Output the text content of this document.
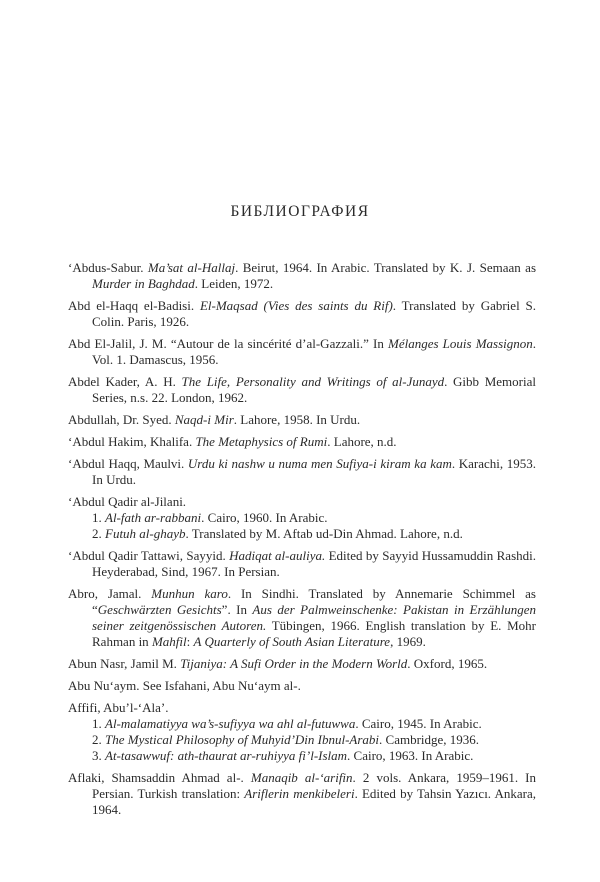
БИБЛИОГРАФИЯ
‘Abdus-Sabur. Ma’sat al-Hallaj. Beirut, 1964. In Arabic. Translated by K. J. Semaan as Murder in Baghdad. Leiden, 1972.
Abd el-Haqq el-Badisi. El-Maqsad (Vies des saints du Rif). Translated by Gabriel S. Colin. Paris, 1926.
Abd El-Jalil, J. M. “Autour de la sincérité d’al-Gazzali.” In Mélanges Louis Massignon. Vol. 1. Damascus, 1956.
Abdel Kader, A. H. The Life, Personality and Writings of al-Junayd. Gibb Memorial Series, n.s. 22. London, 1962.
Abdullah, Dr. Syed. Naqd-i Mir. Lahore, 1958. In Urdu.
‘Abdul Hakim, Khalifa. The Metaphysics of Rumi. Lahore, n.d.
‘Abdul Haqq, Maulvi. Urdu ki nashw u numa men Sufiya-i kiram ka kam. Karachi, 1953. In Urdu.
‘Abdul Qadir al-Jilani.
1. Al-fath ar-rabbani. Cairo, 1960. In Arabic.
2. Futuh al-ghayb. Translated by M. Aftab ud-Din Ahmad. Lahore, n.d.
‘Abdul Qadir Tattawi, Sayyid. Hadiqat al-auliya. Edited by Sayyid Hussamuddin Rashdi. Heyderabad, Sind, 1967. In Persian.
Abro, Jamal. Munhun karo. In Sindhi. Translated by Annemarie Schimmel as “Geschwärzten Gesichts”. In Aus der Palmweinschenke: Pakistan in Erzählungen seiner zeitgenössischen Autoren. Tübingen, 1966. English translation by E. Mohr Rahman in Mahfil: A Quarterly of South Asian Literature, 1969.
Abun Nasr, Jamil M. Tijaniya: A Sufi Order in the Modern World. Oxford, 1965.
Abu Nu‘aym. See Isfahani, Abu Nu‘aym al-.
Affifi, Abu’l-‘Ala’.
1. Al-malamatiyya wa’s-sufiyya wa ahl al-futuwwa. Cairo, 1945. In Arabic.
2. The Mystical Philosophy of Muhyid’Din Ibnul-Arabi. Cambridge, 1936.
3. At-tasawwuf: ath-thaurat ar-ruhiyya fi’l-Islam. Cairo, 1963. In Arabic.
Aflaki, Shamsaddin Ahmad al-. Manaqib al-‘arifin. 2 vols. Ankara, 1959–1961. In Persian. Turkish translation: Ariflerin menkibeleri. Edited by Tahsin Yazıcı. Ankara, 1964.
